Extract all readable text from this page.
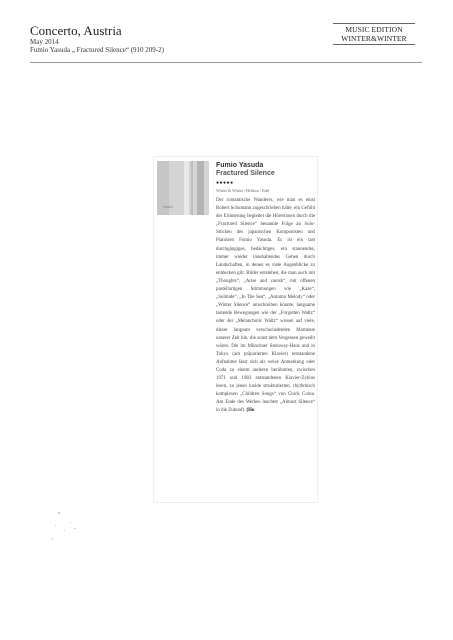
Concerto, Austria
May 2014
Fumio Yasuda „ Fractured Silence“ (910 209-2)
MUSIC EDITION
WINTER&WINTER
FUMIO
Fumio Yasuda
Fractured Silence
●●●●●
Winter & Winter / Helikon / Edel

Der romantische Wanderer, wie man es einst Robert Schumann zugeschrieben hätte, ein Gefühl der Erinnerung begleitet die Hörerinnen durch die „Fractured Silence“ benannte Folge an Solo-Stücken des japanischen Komponisten und Pianisten Fumio Yasuda. Es ist ein tast durchgängiges, bedächtiges, ein staunendes, immer wieder innehaltendes Gehen durch Landschaften, in denen es viele Augenblicke zu entdecken gilt. Bilder entstehen, die man auch mit „Thoughts“, „Arise and vanish“, mit offenen pastellartigen Stimmungen wie „Kaze“, „Solitude“, „In The Sea“, „Autumn Melody“ oder „Winter Silence“ umschreiben könnte, langsame tastende Bewegungen wie der „Forgotten Waltz“ oder der „Melancholic Waltz“ wissen auf viele, dieser langsam verschwindenden Momente unserer Zeit hin, die sonst dem Vergessen geweiht wären. Die im Münchner Steinway-Haus und in Tokyo (am präparierten Klavier) entstandene Aufnahme lässt sich als weise Anmerkung oder Coda zu einem anderen berühmten, zwischen 1971 und 1983 entstandenen Klavier-Zyklus lesen, zu jenen luzide strukturierten, rhythmisch komplexen „Children Songs“ von Chick Corea. Am Ende des Werkes leuchtet „Almost Silence“ in die Zukunft. (Ho
